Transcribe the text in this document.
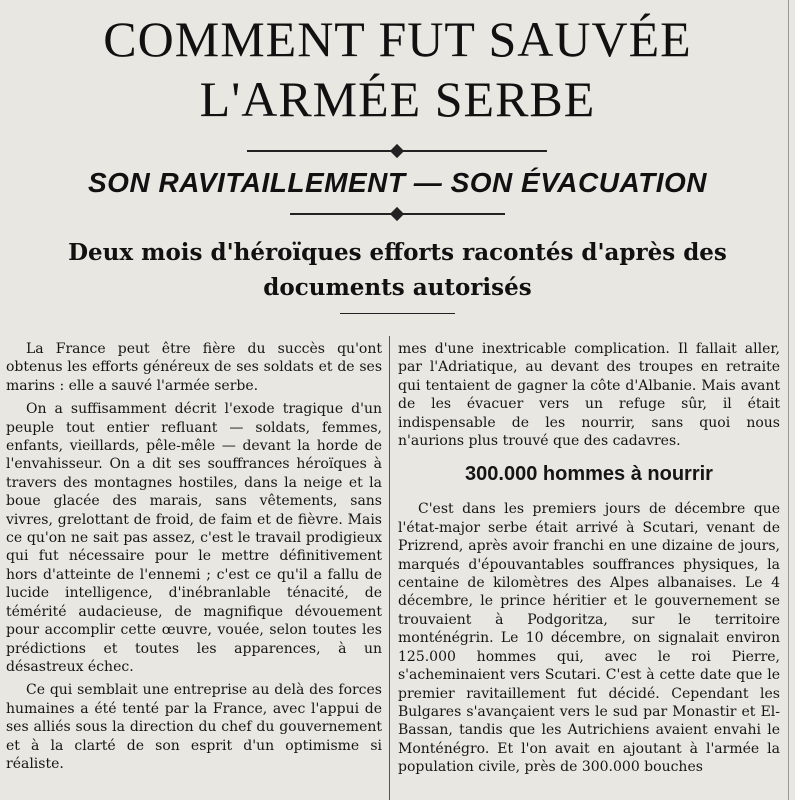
COMMENT FUT SAUVÉE
L'ARMÉE SERBE
SON RAVITAILLEMENT — SON ÉVACUATION
Deux mois d'héroïques efforts racontés d'après des
documents autorisés

La France peut être fière du succès qu'ont obtenus les efforts généreux de ses soldats et de ses marins : elle a sauvé l'armée serbe.

On a suffisamment décrit l'exode tragique d'un peuple tout entier refluant — soldats, femmes, enfants, vieillards, pêle-mêle — devant la horde de l'envahisseur. On a dit ses souffrances héroïques à travers des montagnes hostiles, dans la neige et la boue glacée des marais, sans vêtements, sans vivres, grelottant de froid, de faim et de fièvre. Mais ce qu'on ne sait pas assez, c'est le travail prodigieux qui fut nécessaire pour le mettre définitivement hors d'atteinte de l'ennemi ; c'est ce qu'il a fallu de lucide intelligence, d'inébranlable ténacité, de témérité audacieuse, de magnifique dévouement pour accomplir cette œuvre, vouée, selon toutes les prédictions et toutes les apparences, à un désastreux échec.

Ce qui semblait une entreprise au delà des forces humaines a été tenté par la France, avec l'appui de ses alliés sous la direction du chef du gouvernement et à la clarté de son esprit d'un optimisme si réaliste.

mes d'une inextricable complication. Il fallait aller, par l'Adriatique, au devant des troupes en retraite qui tentaient de gagner la côte d'Albanie. Mais avant de les évacuer vers un refuge sûr, il était indispensable de les nourrir, sans quoi nous n'aurions plus trouvé que des cadavres.

300.000 hommes à nourrir

C'est dans les premiers jours de décembre que l'état-major serbe était arrivé à Scutari, venant de Prizrend, après avoir franchi en une dizaine de jours, marqués d'épouvantables souffrances physiques, la centaine de kilomètres des Alpes albanaises. Le 4 décembre, le prince héritier et le gouvernement se trouvaient à Podgoritza, sur le territoire monténégrin. Le 10 décembre, on signalait environ 125.000 hommes qui, avec le roi Pierre, s'acheminaient vers Scutari. C'est à cette date que le premier ravitaillement fut décidé. Cependant les Bulgares s'avançaient vers le sud par Monastir et El-Bassan, tandis que les Autrichiens avaient envahi le Monténégro. Et l'on avait en ajoutant à l'armée la population civile, près de 300.000 bouches
